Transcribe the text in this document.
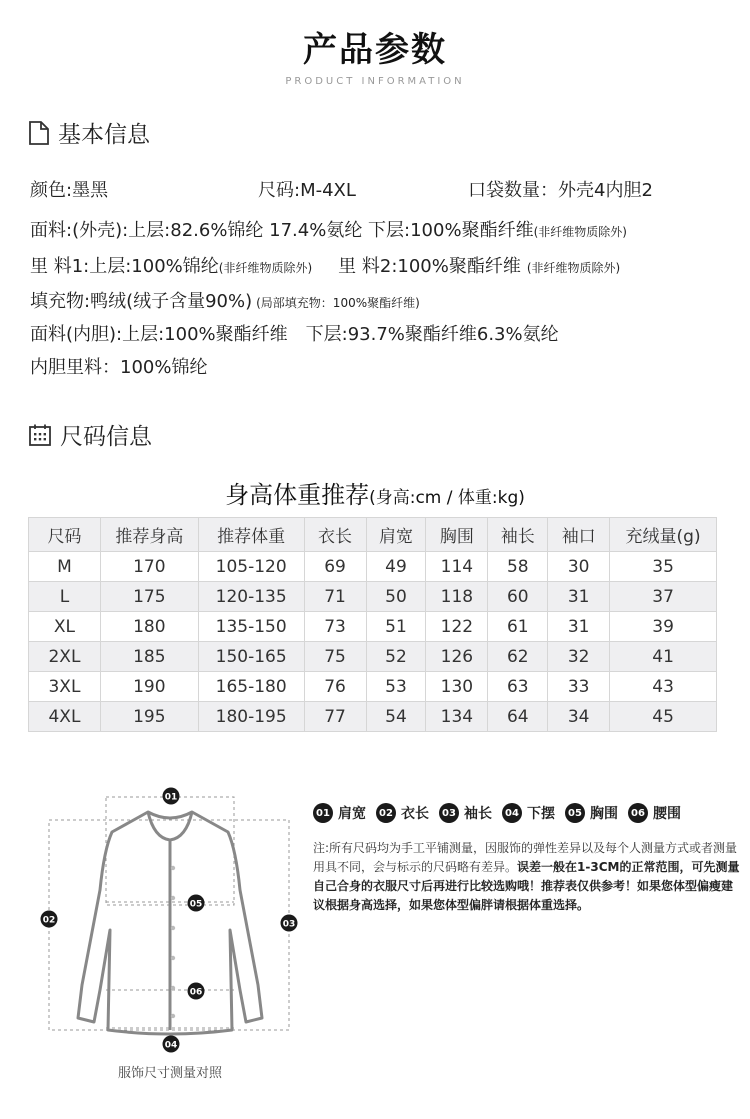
产品参数
PRODUCT INFORMATION
基本信息
颜色:墨黑	尺码:M-4XL	口袋数量：外壳4内胆2
面料:(外壳):上层:82.6%锦纶 17.4%氨纶 下层:100%聚酯纤维(非纤维物质除外)
里 料1:上层:100%锦纶(非纤维物质除外) 里 料2:100%聚酯纤维 (非纤维物质除外)
填充物:鸭绒(绒子含量90%) (局部填充物：100%聚酯纤维)
面料(内胆):上层:100%聚酯纤维　下层:93.7%聚酯纤维6.3%氨纶
内胆里料：100%锦纶
尺码信息
身高体重推荐(身高:cm / 体重:kg)
尺码	推荐身高	推荐体重	衣长	肩宽	胸围	袖长	袖口	充绒量(g)
M	170	105-120	69	49	114	58	30	35
L	175	120-135	71	50	118	60	31	37
XL	180	135-150	73	51	122	61	31	39
2XL	185	150-165	75	52	126	62	32	41
3XL	190	165-180	76	53	130	63	33	43
4XL	195	180-195	77	54	134	64	34	45
01
02	03
05
06
04
服饰尺寸测量对照
01 肩宽	02 衣长	03 袖长	04 下摆	05 胸围	06 腰围
注:所有尺码均为手工平铺测量，因服饰的弹性差异以及每个人测量方式或者测量用具不同，会与标示的尺码略有差异。误差一般在1-3CM的正常范围，可先测量自己合身的衣服尺寸后再进行比较选购哦！推荐表仅供参考！如果您体型偏瘦建议根据身高选择，如果您体型偏胖请根据体重选择。
